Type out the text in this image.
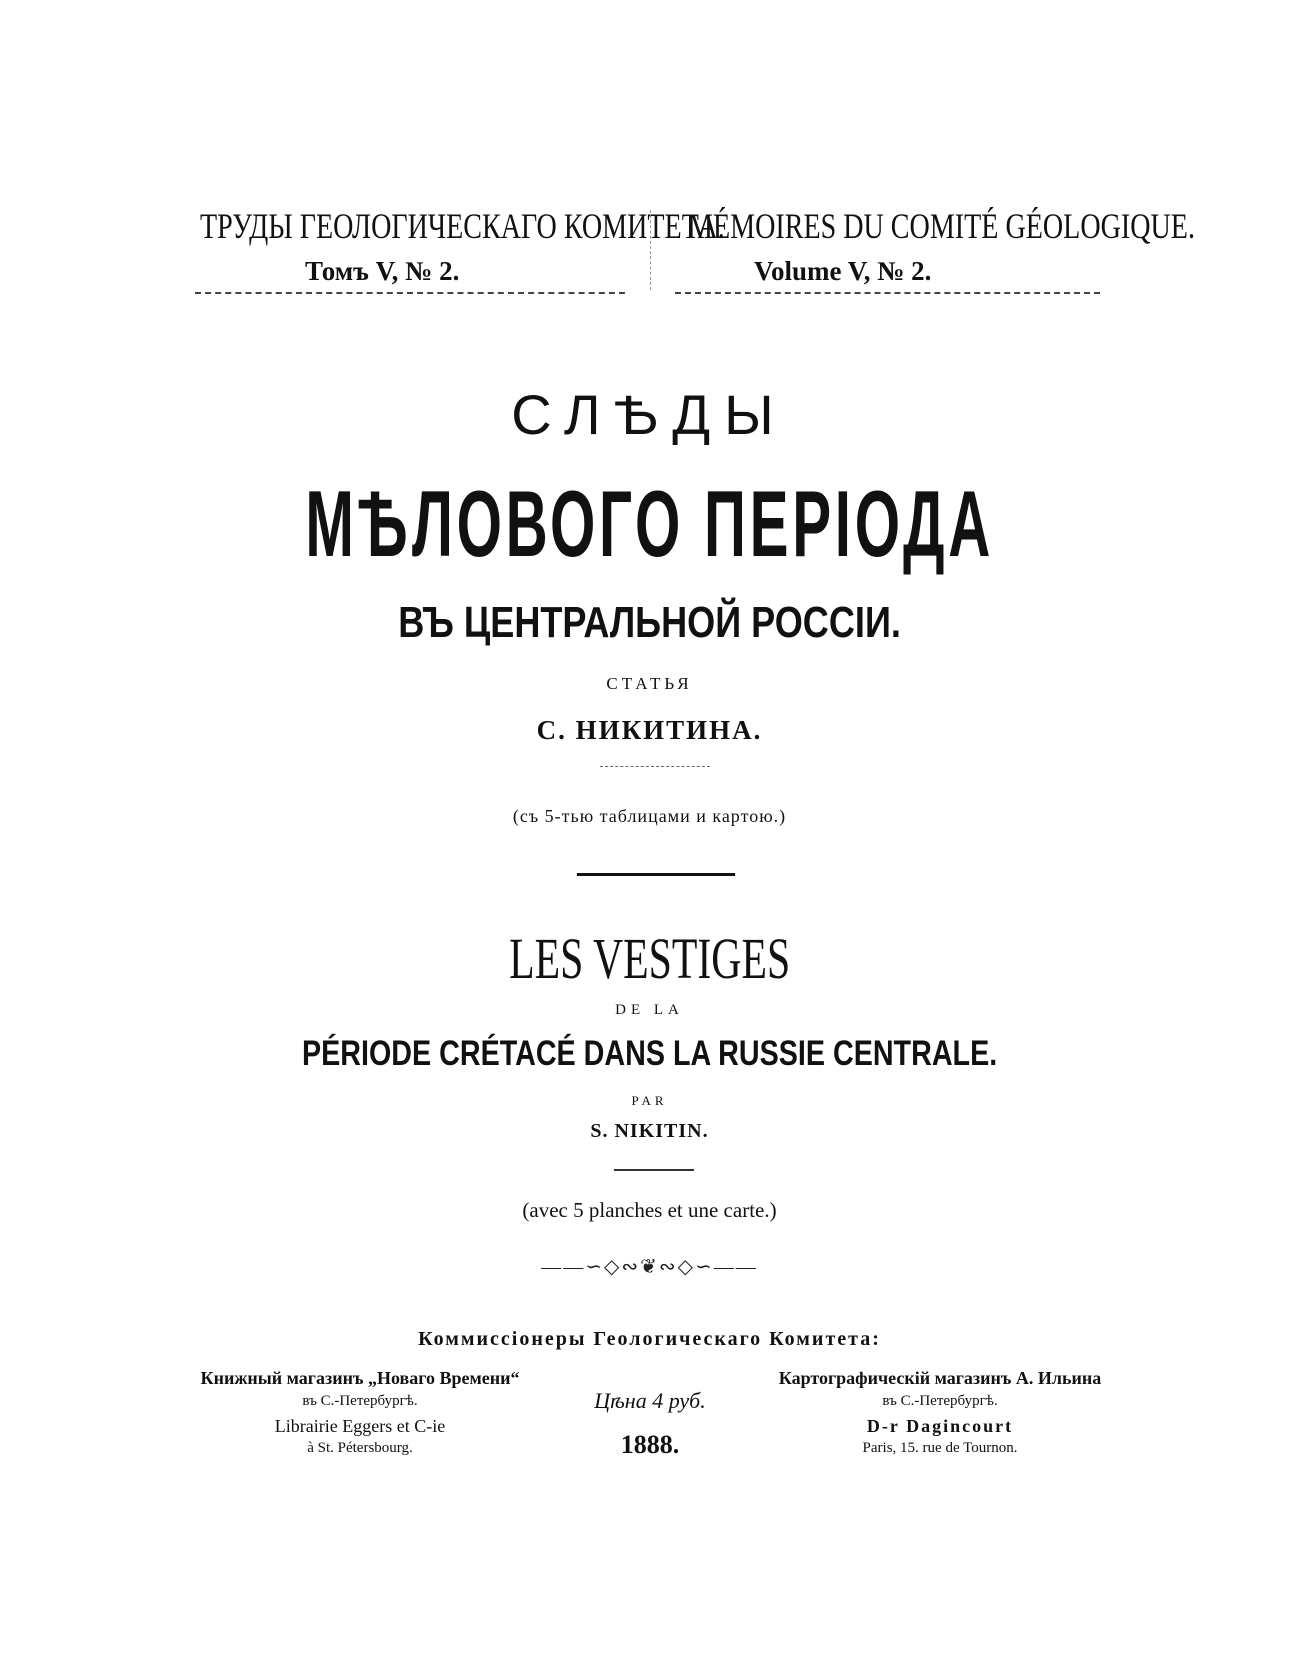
ТРУДЫ ГЕОЛОГИЧЕСКАГО КОМИТЕТА.
MÉMOIRES DU COMITÉ GÉOLOGIQUE.
Томъ V, № 2.	Volume V, № 2.
СЛѢДЫ
МѢЛОВОГО ПЕРІОДА
ВЪ ЦЕНТРАЛЬНОЙ РОССІИ.
СТАТЬЯ
С. НИКИТИНА.
(съ 5-тью таблицами и картою.)
LES VESTIGES
DE LA
PÉRIODE CRÉTACÉ DANS LA RUSSIE CENTRALE.
PAR
S. NIKITIN.
(avec 5 planches et une carte.)
——∽◇∾❦∾◇∽——
Коммиссіонеры Геологическаго Комитета:
Книжный магазинъ „Новаго Времени“
въ С.-Петербургѣ.
Librairie Eggers et C-ie
à St. Pétersbourg.
Цѣна 4 руб.
1888.
Картографическій магазинъ А. Ильина
въ С.-Петербургѣ.
D-r Dagincourt
Paris, 15. rue de Tournon.
